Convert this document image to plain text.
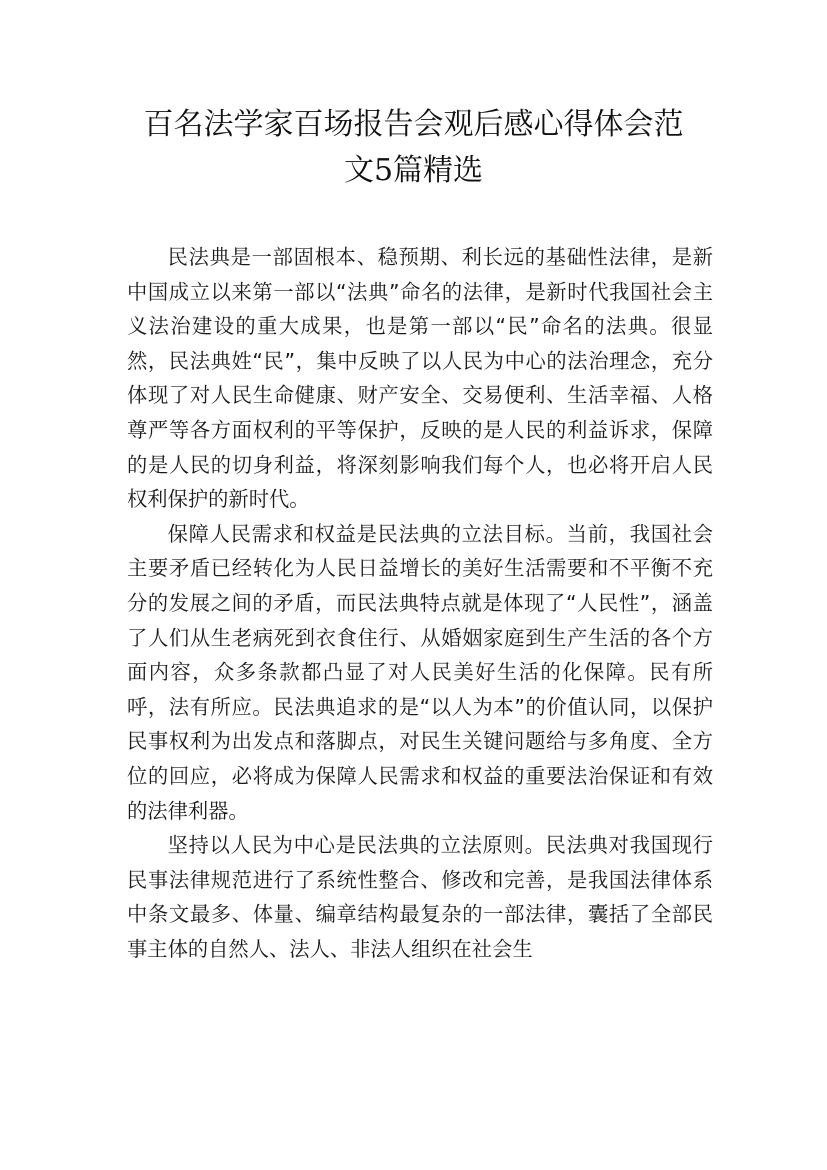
百名法学家百场报告会观后感心得体会范
文5篇精选

民法典是一部固根本、稳预期、利长远的基础性法律，是新中国成立以来第一部以“法典”命名的法律，是新时代我国社会主义法治建设的重大成果，也是第一部以“民”命名的法典。很显然，民法典姓“民”，集中反映了以人民为中心的法治理念，充分体现了对人民生命健康、财产安全、交易便利、生活幸福、人格尊严等各方面权利的平等保护，反映的是人民的利益诉求，保障的是人民的切身利益，将深刻影响我们每个人，也必将开启人民权利保护的新时代。

保障人民需求和权益是民法典的立法目标。当前，我国社会主要矛盾已经转化为人民日益增长的美好生活需要和不平衡不充分的发展之间的矛盾，而民法典特点就是体现了“人民性”，涵盖了人们从生老病死到衣食住行、从婚姻家庭到生产生活的各个方面内容，众多条款都凸显了对人民美好生活的化保障。民有所呼，法有所应。民法典追求的是“以人为本”的价值认同，以保护民事权利为出发点和落脚点，对民生关键问题给与多角度、全方位的回应，必将成为保障人民需求和权益的重要法治保证和有效的法律利器。

坚持以人民为中心是民法典的立法原则。民法典对我国现行民事法律规范进行了系统性整合、修改和完善，是我国法律体系中条文最多、体量、编章结构最复杂的一部法律，囊括了全部民事主体的自然人、法人、非法人组织在社会生
